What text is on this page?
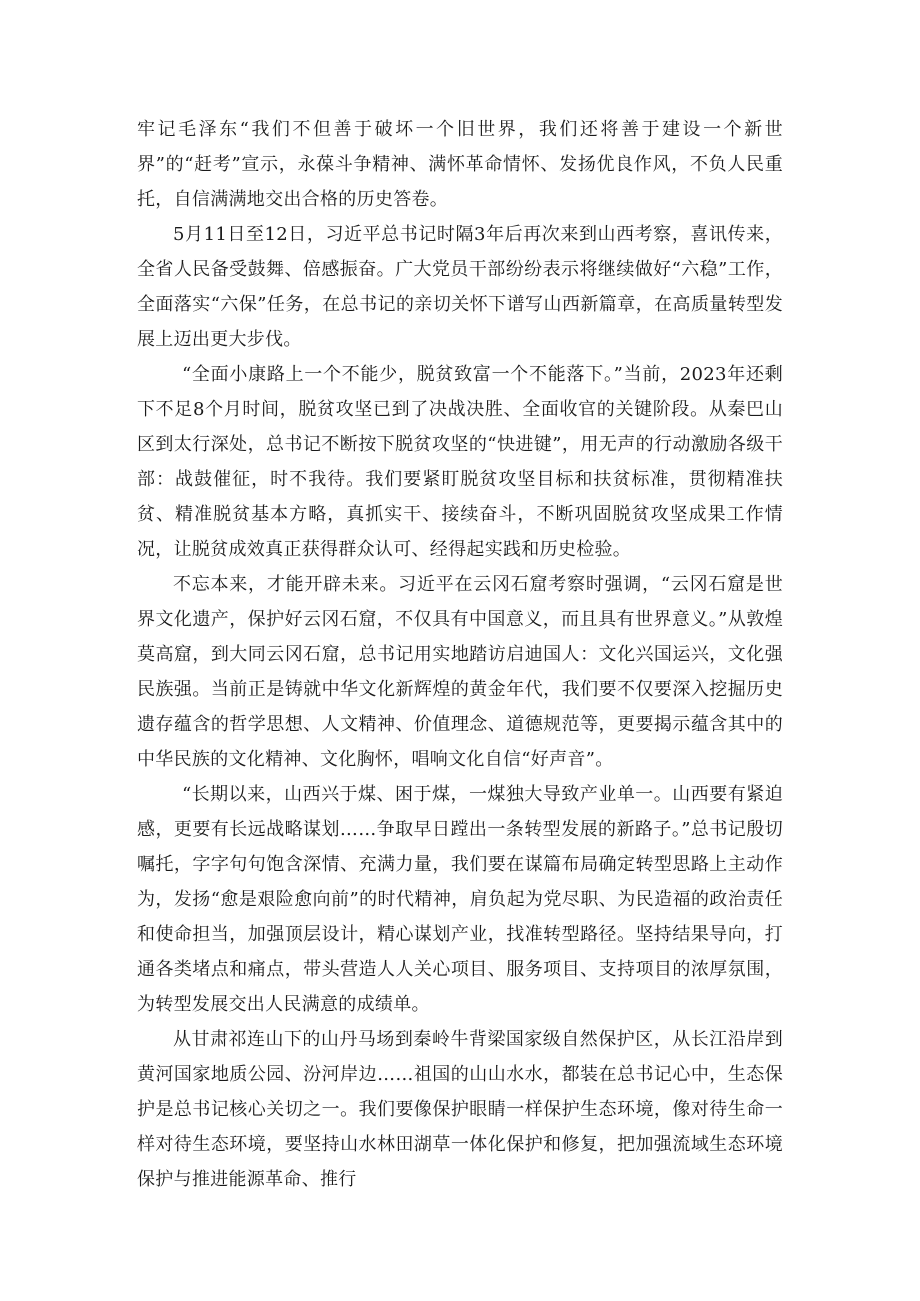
牢记毛泽东“我们不但善于破坏一个旧世界，我们还将善于建设一个新世界”的“赶考”宣示，永葆斗争精神、满怀革命情怀、发扬优良作风，不负人民重托，自信满满地交出合格的历史答卷。

5月11日至12日，习近平总书记时隔3年后再次来到山西考察，喜讯传来，全省人民备受鼓舞、倍感振奋。广大党员干部纷纷表示将继续做好“六稳”工作，全面落实“六保”任务，在总书记的亲切关怀下谱写山西新篇章，在高质量转型发展上迈出更大步伐。

“全面小康路上一个不能少，脱贫致富一个不能落下。”当前，2023年还剩下不足8个月时间，脱贫攻坚已到了决战决胜、全面收官的关键阶段。从秦巴山区到太行深处，总书记不断按下脱贫攻坚的“快进键”，用无声的行动激励各级干部：战鼓催征，时不我待。我们要紧盯脱贫攻坚目标和扶贫标准，贯彻精准扶贫、精准脱贫基本方略，真抓实干、接续奋斗，不断巩固脱贫攻坚成果工作情况，让脱贫成效真正获得群众认可、经得起实践和历史检验。

不忘本来，才能开辟未来。习近平在云冈石窟考察时强调，“云冈石窟是世界文化遗产，保护好云冈石窟，不仅具有中国意义，而且具有世界意义。”从敦煌莫高窟，到大同云冈石窟，总书记用实地踏访启迪国人：文化兴国运兴，文化强民族强。当前正是铸就中华文化新辉煌的黄金年代，我们要不仅要深入挖掘历史遗存蕴含的哲学思想、人文精神、价值理念、道德规范等，更要揭示蕴含其中的中华民族的文化精神、文化胸怀，唱响文化自信“好声音”。

“长期以来，山西兴于煤、困于煤，一煤独大导致产业单一。山西要有紧迫感，更要有长远战略谋划……争取早日蹚出一条转型发展的新路子。”总书记殷切嘱托，字字句句饱含深情、充满力量，我们要在谋篇布局确定转型思路上主动作为，发扬“愈是艰险愈向前”的时代精神，肩负起为党尽职、为民造福的政治责任和使命担当，加强顶层设计，精心谋划产业，找准转型路径。坚持结果导向，打通各类堵点和痛点，带头营造人人关心项目、服务项目、支持项目的浓厚氛围，为转型发展交出人民满意的成绩单。

从甘肃祁连山下的山丹马场到秦岭牛背梁国家级自然保护区，从长江沿岸到黄河国家地质公园、汾河岸边……祖国的山山水水，都装在总书记心中，生态保护是总书记核心关切之一。我们要像保护眼睛一样保护生态环境，像对待生命一样对待生态环境，要坚持山水林田湖草一体化保护和修复，把加强流域生态环境保护与推进能源革命、推行
